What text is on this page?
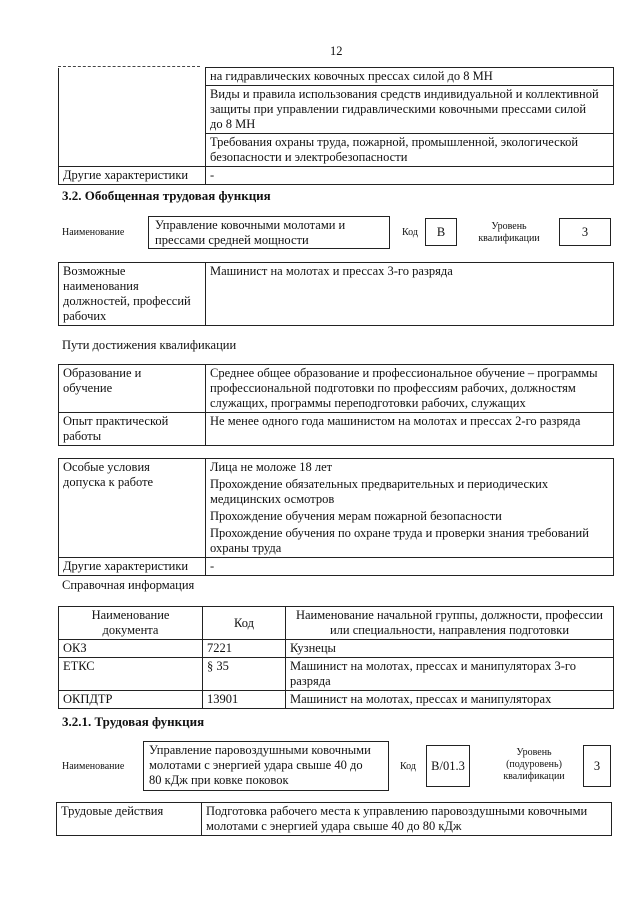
12
	на гидравлических ковочных прессах силой до 8 МН
	Виды и правила использования средств индивидуальной и коллективной
защиты при управлении гидравлическими ковочными прессами силой
до 8 МН
	Требования охраны труда, пожарной, промышленной, экологической
безопасности и электробезопасности
Другие характеристики	-
3.2. Обобщенная трудовая функция
Наименование
Управление ковочными молотами и
прессами средней мощности
Код	В	Уровень
квалификации	3
Возможные
наименования
должностей, профессий
рабочих	Машинист на молотах и прессах 3-го разряда
Пути достижения квалификации
Образование и
обучение	Среднее общее образование и профессиональное обучение – программы
профессиональной подготовки по профессиям рабочих, должностям
служащих, программы переподготовки рабочих, служащих
Опыт практической
работы	Не менее одного года машинистом на молотах и прессах 2-го разряда
Особые условия
допуска к работе	Лица не моложе 18 лет
	Прохождение обязательных предварительных и периодических
медицинских осмотров
	Прохождение обучения мерам пожарной безопасности
	Прохождение обучения по охране труда и проверки знания требований
охраны труда
Другие характеристики	-
Справочная информация
Наименование
документа	Код	Наименование начальной группы, должности, профессии
или специальности, направления подготовки
ОКЗ	7221	Кузнецы
ЕТКС	§ 35	Машинист на молотах, прессах и манипуляторах 3-го
разряда
ОКПДТР	13901	Машинист на молотах, прессах и манипуляторах
3.2.1. Трудовая функция
Наименование
Управление паровоздушными ковочными
молотами с энергией удара свыше 40 до
80 кДж при ковке поковок
Код	В/01.3
Уровень
(подуровень)
квалификации
3
Трудовые действия	Подготовка рабочего места к управлению паровоздушными ковочными
молотами с энергией удара свыше 40 до 80 кДж
